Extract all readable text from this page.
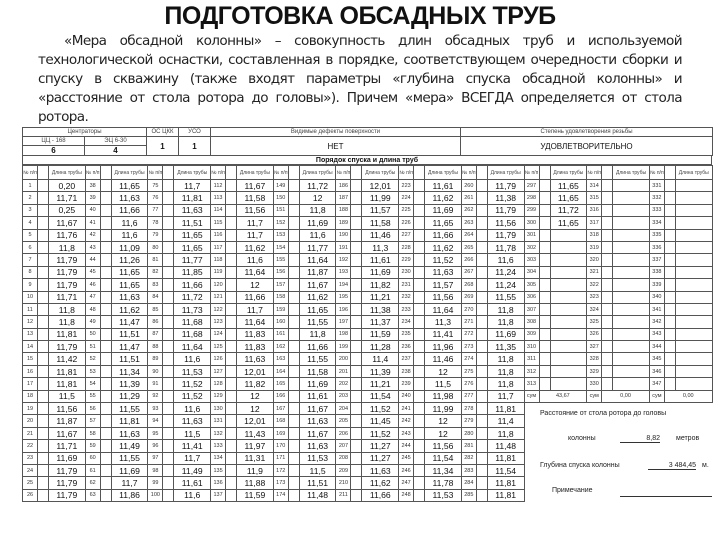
ПОДГОТОВКА ОБСАДНЫХ ТРУБ
«Мера обсадной колонны» – совокупность длин обсадных труб и используемой технологической оснастки, составленная в порядке, соответствующем очередности сборки и спуску в скважину (также входят параметры «глубина спуска обсадной колонны» и «расстояние от стола ротора до головы»). Причем «мера» ВСЕГДА определяется от стола ротора.
Центраторы		ОС ЦКК	УСО	Видимые дефекты поверхности	Степень удовлетворения резьбы
ЦЦ - 168	ЭЦ 6-30	1	1	НЕТ	УДОВЛЕТВОРИТЕЛЬНО
6	4				
Порядок спуска и длина труб
№ п/п		Длина трубы	№ п/п		Длина трубы	№ п/п		Длина трубы	№ п/п		Длина трубы	№ п/п		Длина трубы	№ п/п		Длина трубы	№ п/п		Длина трубы	№ п/п		Длина трубы	№ п/п		Длина трубы	№ п/п		Длина трубы	№ п/п		Длина трубы
1		0,20	38		11,65	75		11,7	112		11,67	149		11,72	186		12,01	223		11,61	260		11,79	297		11,65	314			331		
2		11,71	39		11,63	76		11,81	113		11,58	150		12	187		11,99	224		11,62	261		11,38	298		11,65	315			332		
3		0,25	40		11,66	77		11,63	114		11,56	151		11,8	188		11,57	225		11,69	262		11,79	299		11,72	316			333		
4		11,67	41		11,6	78		11,51	115		11,7	152		11,69	189		11,58	226		11,65	263		11,56	300		11,65	317			334		
5		11,76	42		11,6	79		11,65	116		11,7	153		11,6	190		11,46	227		11,66	264		11,79	301			318			335		
6		11,8	43		11,09	80		11,65	117		11,62	154		11,77	191		11,3	228		11,62	265		11,78	302			319			336		
7		11,79	44		11,26	81		11,77	118		11,6	155		11,64	192		11,61	229		11,52	266		11,6	303			320			337		
8		11,79	45		11,65	82		11,85	119		11,64	156		11,87	193		11,69	230		11,63	267		11,24	304			321			338		
9		11,79	46		11,65	83		11,66	120		12	157		11,67	194		11,82	231		11,57	268		11,24	305			322			339		
10		11,71	47		11,63	84		11,72	121		11,66	158		11,62	195		11,21	232		11,56	269		11,55	306			323			340		
11		11,8	48		11,62	85		11,73	122		11,7	159		11,65	196		11,38	233		11,64	270		11,8	307			324			341		
12		11,8	49		11,47	86		11,68	123		11,64	160		11,55	197		11,37	234		11,3	271		11,8	308			325			342		
13		11,81	50		11,51	87		11,68	124		11,83	161		11,8	198		11,59	235		11,41	272		11,69	309			326			343		
14		11,79	51		11,47	88		11,64	125		11,83	162		11,66	199		11,28	236		11,96	273		11,35	310			327			344		
15		11,42	52		11,51	89		11,6	126		11,63	163		11,55	200		11,4	237		11,46	274		11,8	311			328			345		
16		11,81	53		11,34	90		11,53	127		12,01	164		11,58	201		11,39	238		12	275		11,8	312			329			346		
17		11,81	54		11,39	91		11,52	128		11,82	165		11,69	202		11,21	239		11,5	276		11,8	313			330			347		
18		11,5	55		11,29	92		11,52	129		12	166		11,61	203		11,54	240		11,98	277		11,7	сум	43,67		сум	0,00		сум	0,00	
19		11,56	56		11,55	93		11,6	130		12	167		11,67	204		11,52	241		11,99	278		11,81									
20		11,87	57		11,81	94		11,63	131		12,01	168		11,63	205		11,45	242		12	279		11,4									
21		11,67	58		11,63	95		11,5	132		11,43	169		11,67	206		11,52	243		12	280		11,8									
22		11,71	59		11,49	96		11,41	133		11,97	170		11,63	207		11,27	244		11,56	281		11,48									
23		11,69	60		11,55	97		11,7	134		11,31	171		11,53	208		11,27	245		11,54	282		11,81									
24		11,79	61		11,69	98		11,49	135		11,9	172		11,5	209		11,63	246		11,34	283		11,54									
25		11,79	62		11,7	99		11,61	136		11,88	173		11,51	210		11,62	247		11,78	284		11,81									
26		11,79	63		11,86	100		11,6	137		11,59	174		11,48	211		11,66	248		11,53	285		11,81									
Расстояние от стола ротора до головы
колонны	8,82 метров
Глубина спуска колонны	3 484,45 м.
Примечание
